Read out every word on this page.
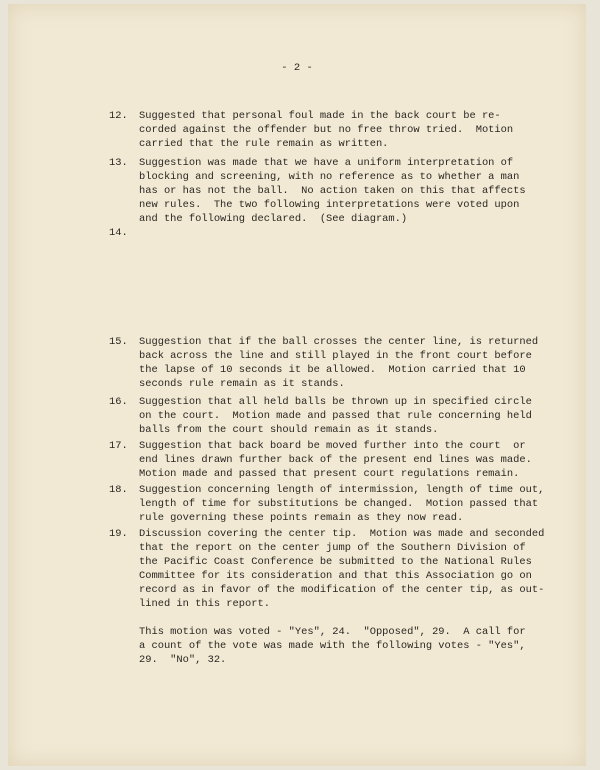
- 2 -
12.	Suggested that personal foul made in the back court be re-
corded against the offender but no free throw tried.  Motion
carried that the rule remain as written.
13.	Suggestion was made that we have a uniform interpretation of
blocking and screening, with no reference as to whether a man
has or has not the ball.  No action taken on this that affects
new rules.  The two following interpretations were voted upon
and the following declared.  (See diagram.)
14.
15.	Suggestion that if the ball crosses the center line, is returned
back across the line and still played in the front court before
the lapse of 10 seconds it be allowed.  Motion carried that 10
seconds rule remain as it stands.
16.	Suggestion that all held balls be thrown up in specified circle
on the court.  Motion made and passed that rule concerning held
balls from the court should remain as it stands.
17.	Suggestion that back board be moved further into the court  or
end lines drawn further back of the present end lines was made.
Motion made and passed that present court regulations remain.
18.	Suggestion concerning length of intermission, length of time out,
length of time for substitutions be changed.  Motion passed that
rule governing these points remain as they now read.
19.	Discussion covering the center tip.  Motion was made and seconded
that the report on the center jump of the Southern Division of
the Pacific Coast Conference be submitted to the National Rules
Committee for its consideration and that this Association go on
record as in favor of the modification of the center tip, as out-
lined in this report.
This motion was voted - "Yes", 24.  "Opposed", 29.  A call for
a count of the vote was made with the following votes - "Yes",
29.  "No", 32.
